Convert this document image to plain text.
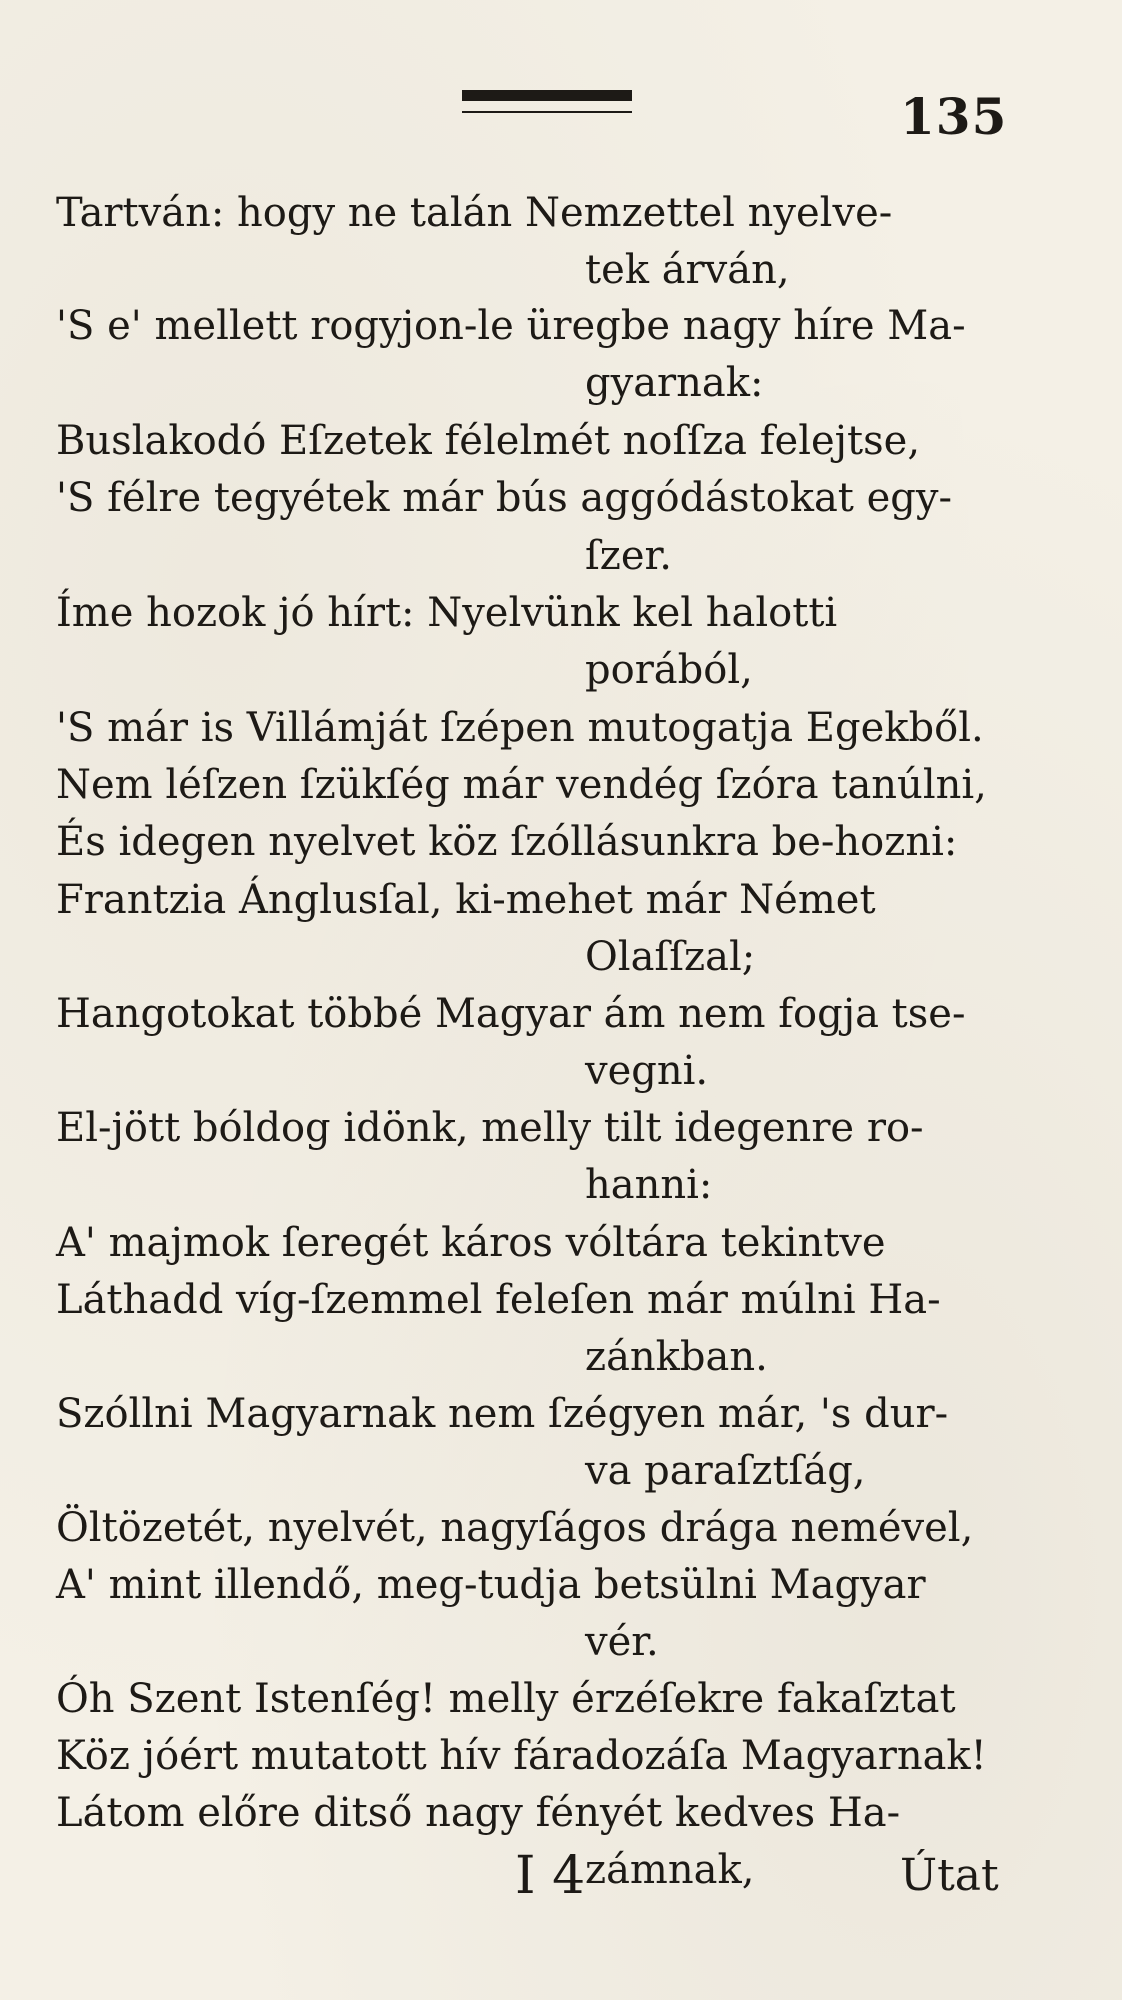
135
Tartván: hogy ne talán Nemzettel nyelve-
tek árván,
'S e' mellett rogyjon-le üregbe nagy híre Ma-
gyarnak:
Buslakodó Eſzetek félelmét noſſza felejtse,
'S félre tegyétek már bús aggódástokat egy-
ſzer.
Íme hozok jó hírt: Nyelvünk kel halotti
porából,
'S már is Villámját ſzépen mutogatja Egekből.
Nem léſzen ſzükſég már vendég ſzóra tanúlni,
És idegen nyelvet köz ſzóllásunkra be-hozni:
Frantzia Ánglusſal, ki-mehet már Német
Olaſſzal;
Hangotokat többé Magyar ám nem fogja tse-
vegni.
El-jött bóldog idönk, melly tilt idegenre ro-
hanni:
A' majmok ſeregét káros vóltára tekintve
Láthadd víg-ſzemmel feleſen már múlni Ha-
zánkban.
Szóllni Magyarnak nem ſzégyen már, 's dur-
va paraſztſág,
Öltözetét, nyelvét, nagyſágos drága nemével,
A' mint illendő, meg-tudja betsülni Magyar
vér.
Óh Szent Istenſég! melly érzéſekre fakaſztat
Köz jóért mutatott hív fáradozáſa Magyarnak!
Látom előre ditső nagy fényét kedves Ha-
zámnak,
I 4	Útat
